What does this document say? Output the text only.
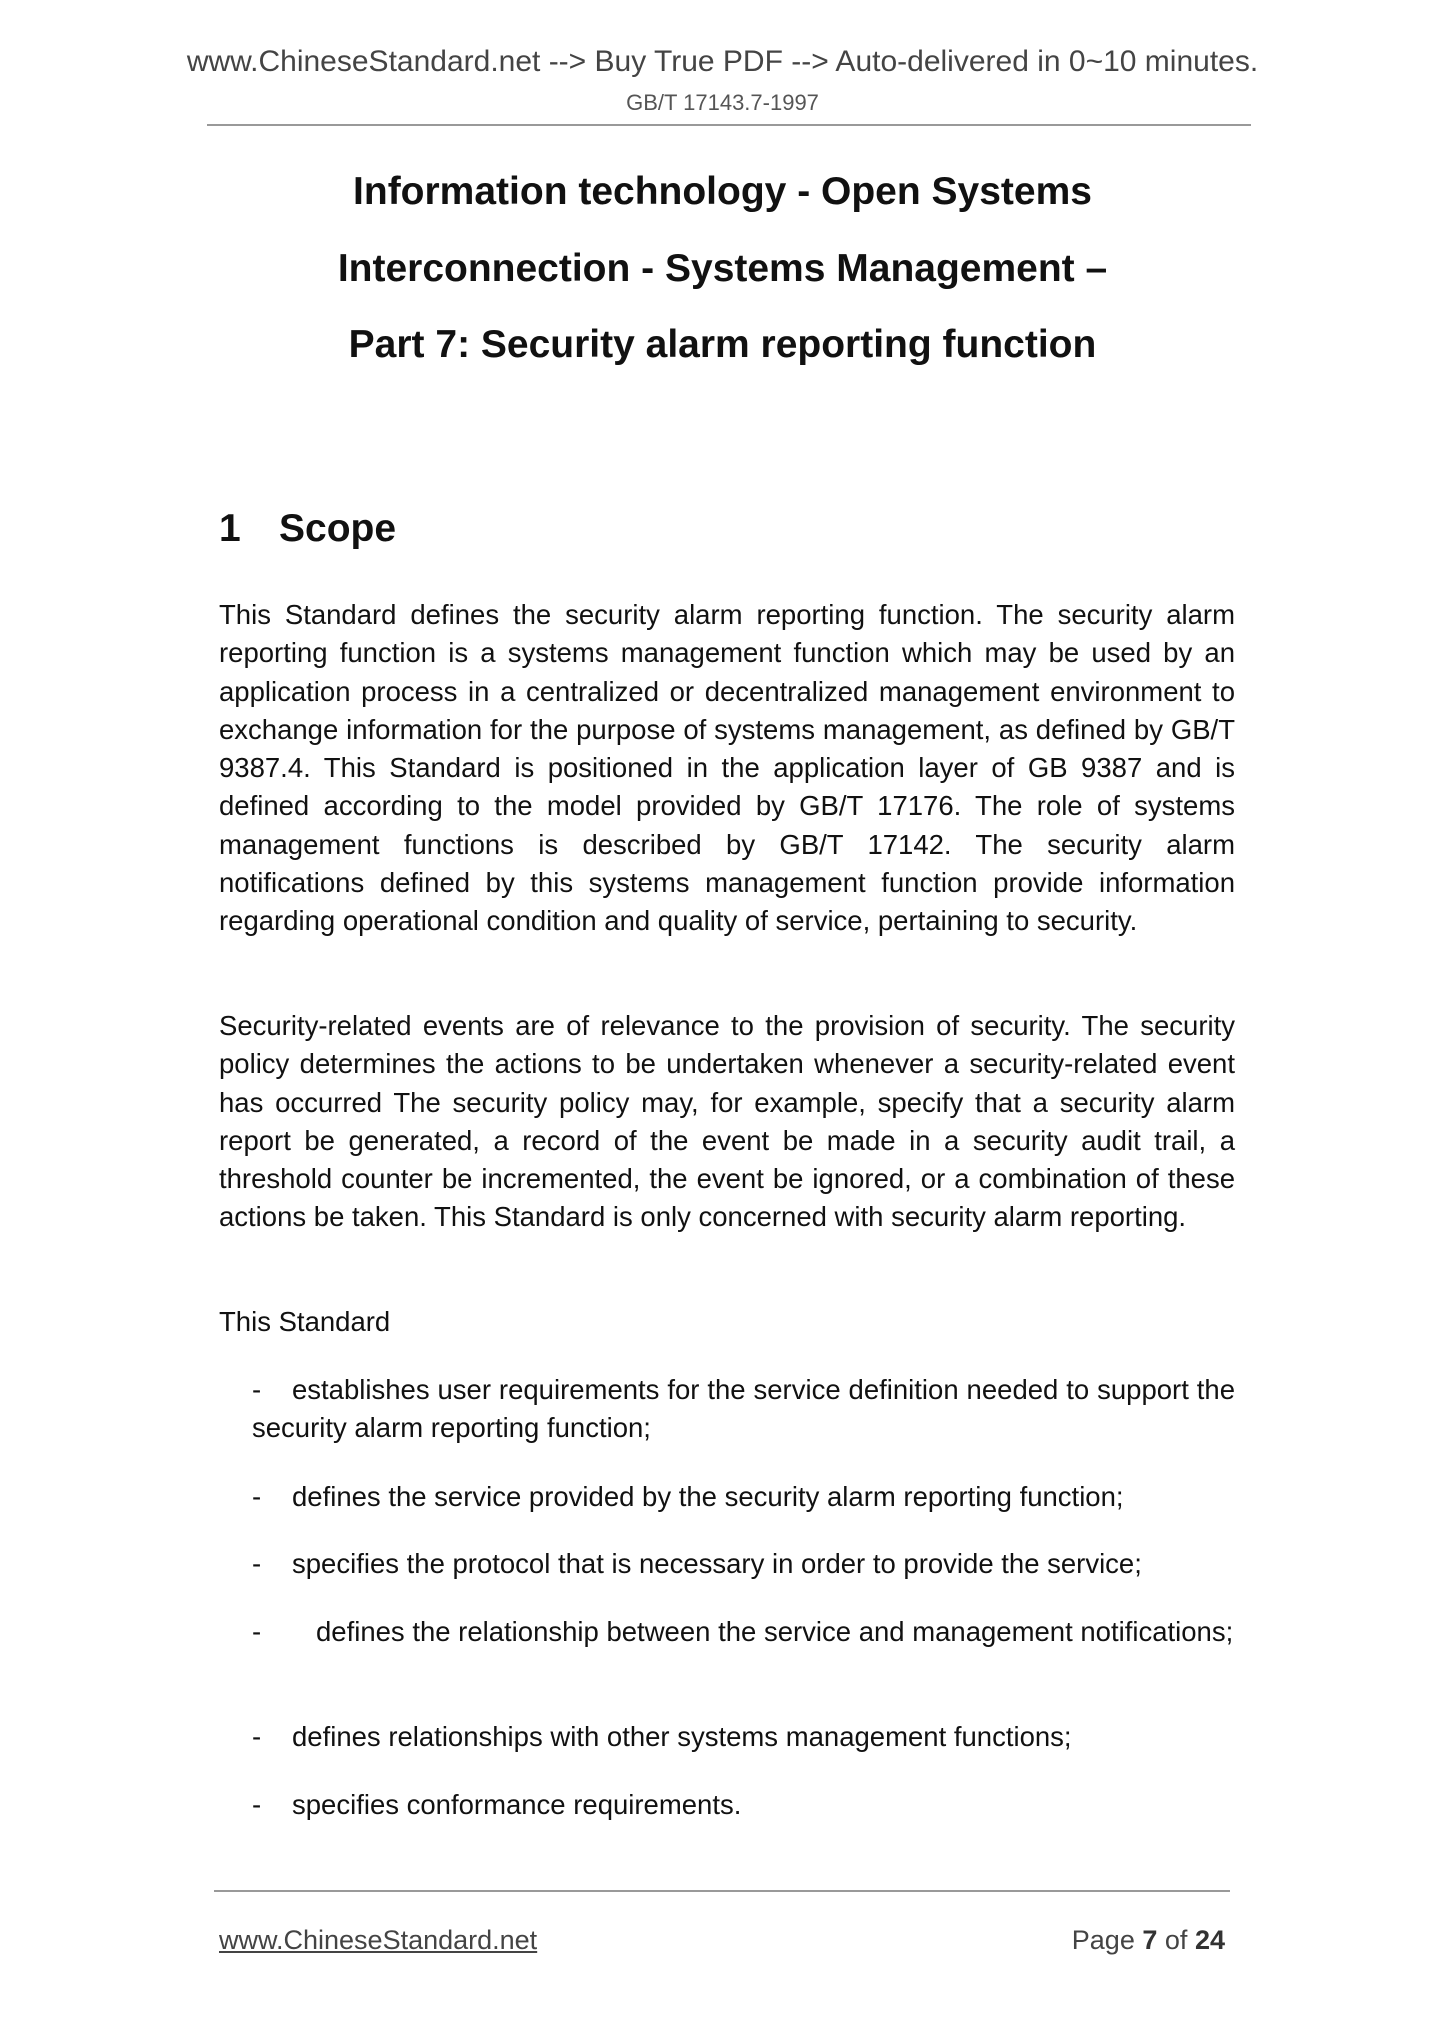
www.ChineseStandard.net --> Buy True PDF --> Auto-delivered in 0~10 minutes.
GB/T 17143.7-1997
Information technology - Open Systems
Interconnection - Systems Management –
Part 7: Security alarm reporting function
1 Scope
This Standard defines the security alarm reporting function. The security alarm reporting function is a systems management function which may be used by an application process in a centralized or decentralized management environment to exchange information for the purpose of systems management, as defined by GB/T 9387.4. This Standard is positioned in the application layer of GB 9387 and is defined according to the model provided by GB/T 17176. The role of systems management functions is described by GB/T 17142. The security alarm notifications defined by this systems management function provide information regarding operational condition and quality of service, pertaining to security.
Security-related events are of relevance to the provision of security. The security policy determines the actions to be undertaken whenever a security-related event has occurred The security policy may, for example, specify that a security alarm report be generated, a record of the event be made in a security audit trail, a threshold counter be incremented, the event be ignored, or a combination of these actions be taken. This Standard is only concerned with security alarm reporting.
This Standard
-	establishes user requirements for the service definition needed to support the security alarm reporting function;
-	defines the service provided by the security alarm reporting function;
-	specifies the protocol that is necessary in order to provide the service;
-	defines the relationship between the service and management notifications;
-	defines relationships with other systems management functions;
-	specifies conformance requirements.
www.ChineseStandard.net	Page 7 of 24
